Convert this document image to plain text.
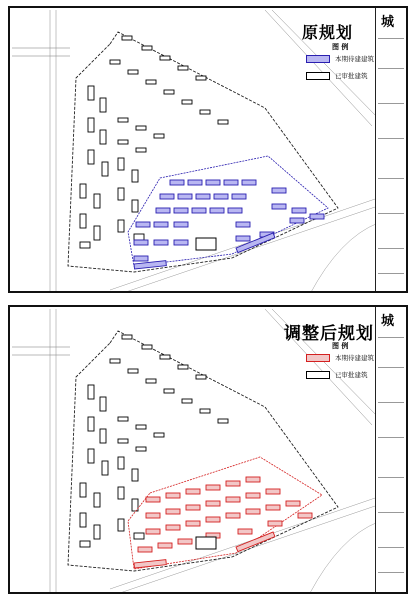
城
原规划
图 例
本期待建建筑
已审批建筑
城
调整后规划
图 例
本期待建建筑
已审批建筑
